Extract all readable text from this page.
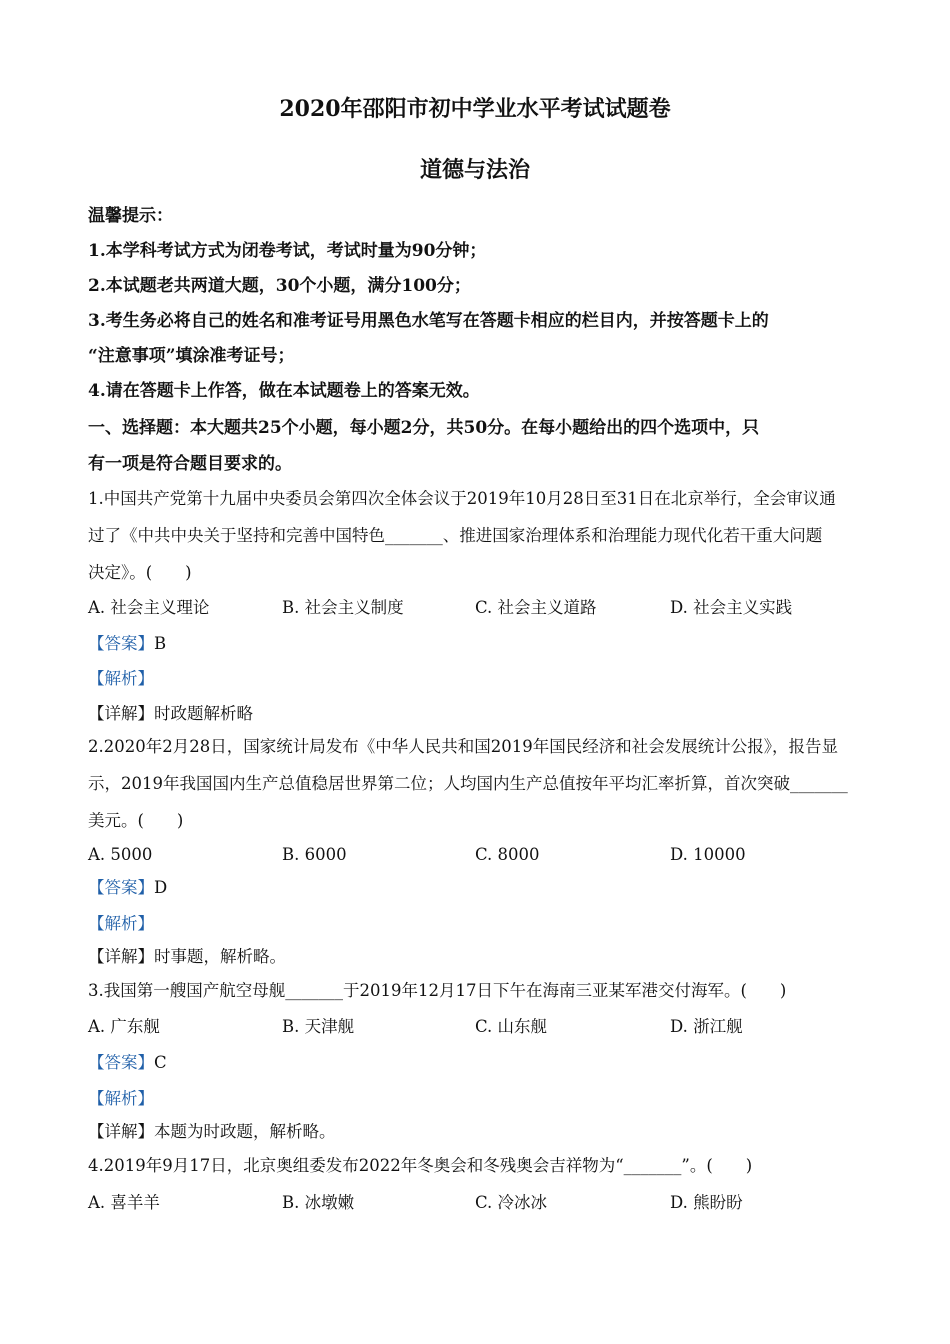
2020年邵阳市初中学业水平考试试题卷
道德与法治
温馨提示：
1.本学科考试方式为闭卷考试，考试时量为90分钟；
2.本试题老共两道大题，30个小题，满分100分；
3.考生务必将自己的姓名和准考证号用黑色水笔写在答题卡相应的栏目内，并按答题卡上的
“注意事项”填涂准考证号；
4.请在答题卡上作答，做在本试题卷上的答案无效。
一、选择题：本大题共25个小题，每小题2分，共50分。在每小题给出的四个选项中，只
有一项是符合题目要求的。
1.中国共产党第十九届中央委员会第四次全体会议于2019年10月28日至31日在北京举行，全会审议通
过了《中共中央关于坚持和完善中国特色_______、推进国家治理体系和治理能力现代化若干重大问题
决定》。(　　)
A. 社会主义理论	B. 社会主义制度	C. 社会主义道路	D. 社会主义实践
【答案】B
【解析】
【详解】时政题解析略
2.2020年2月28日，国家统计局发布《中华人民共和国2019年国民经济和社会发展统计公报》，报告显
示，2019年我国国内生产总值稳居世界第二位；人均国内生产总值按年平均汇率折算，首次突破_______
美元。(　　)
A. 5000	B. 6000	C. 8000	D. 10000
【答案】D
【解析】
【详解】时事题，解析略。
3.我国第一艘国产航空母舰_______于2019年12月17日下午在海南三亚某军港交付海军。(　　)
A. 广东舰	B. 天津舰	C. 山东舰	D. 浙江舰
【答案】C
【解析】
【详解】本题为时政题，解析略。
4.2019年9月17日，北京奥组委发布2022年冬奥会和冬残奥会吉祥物为“_______”。(　　)
A. 喜羊羊	B. 冰墩嫩	C. 冷冰冰	D. 熊盼盼
